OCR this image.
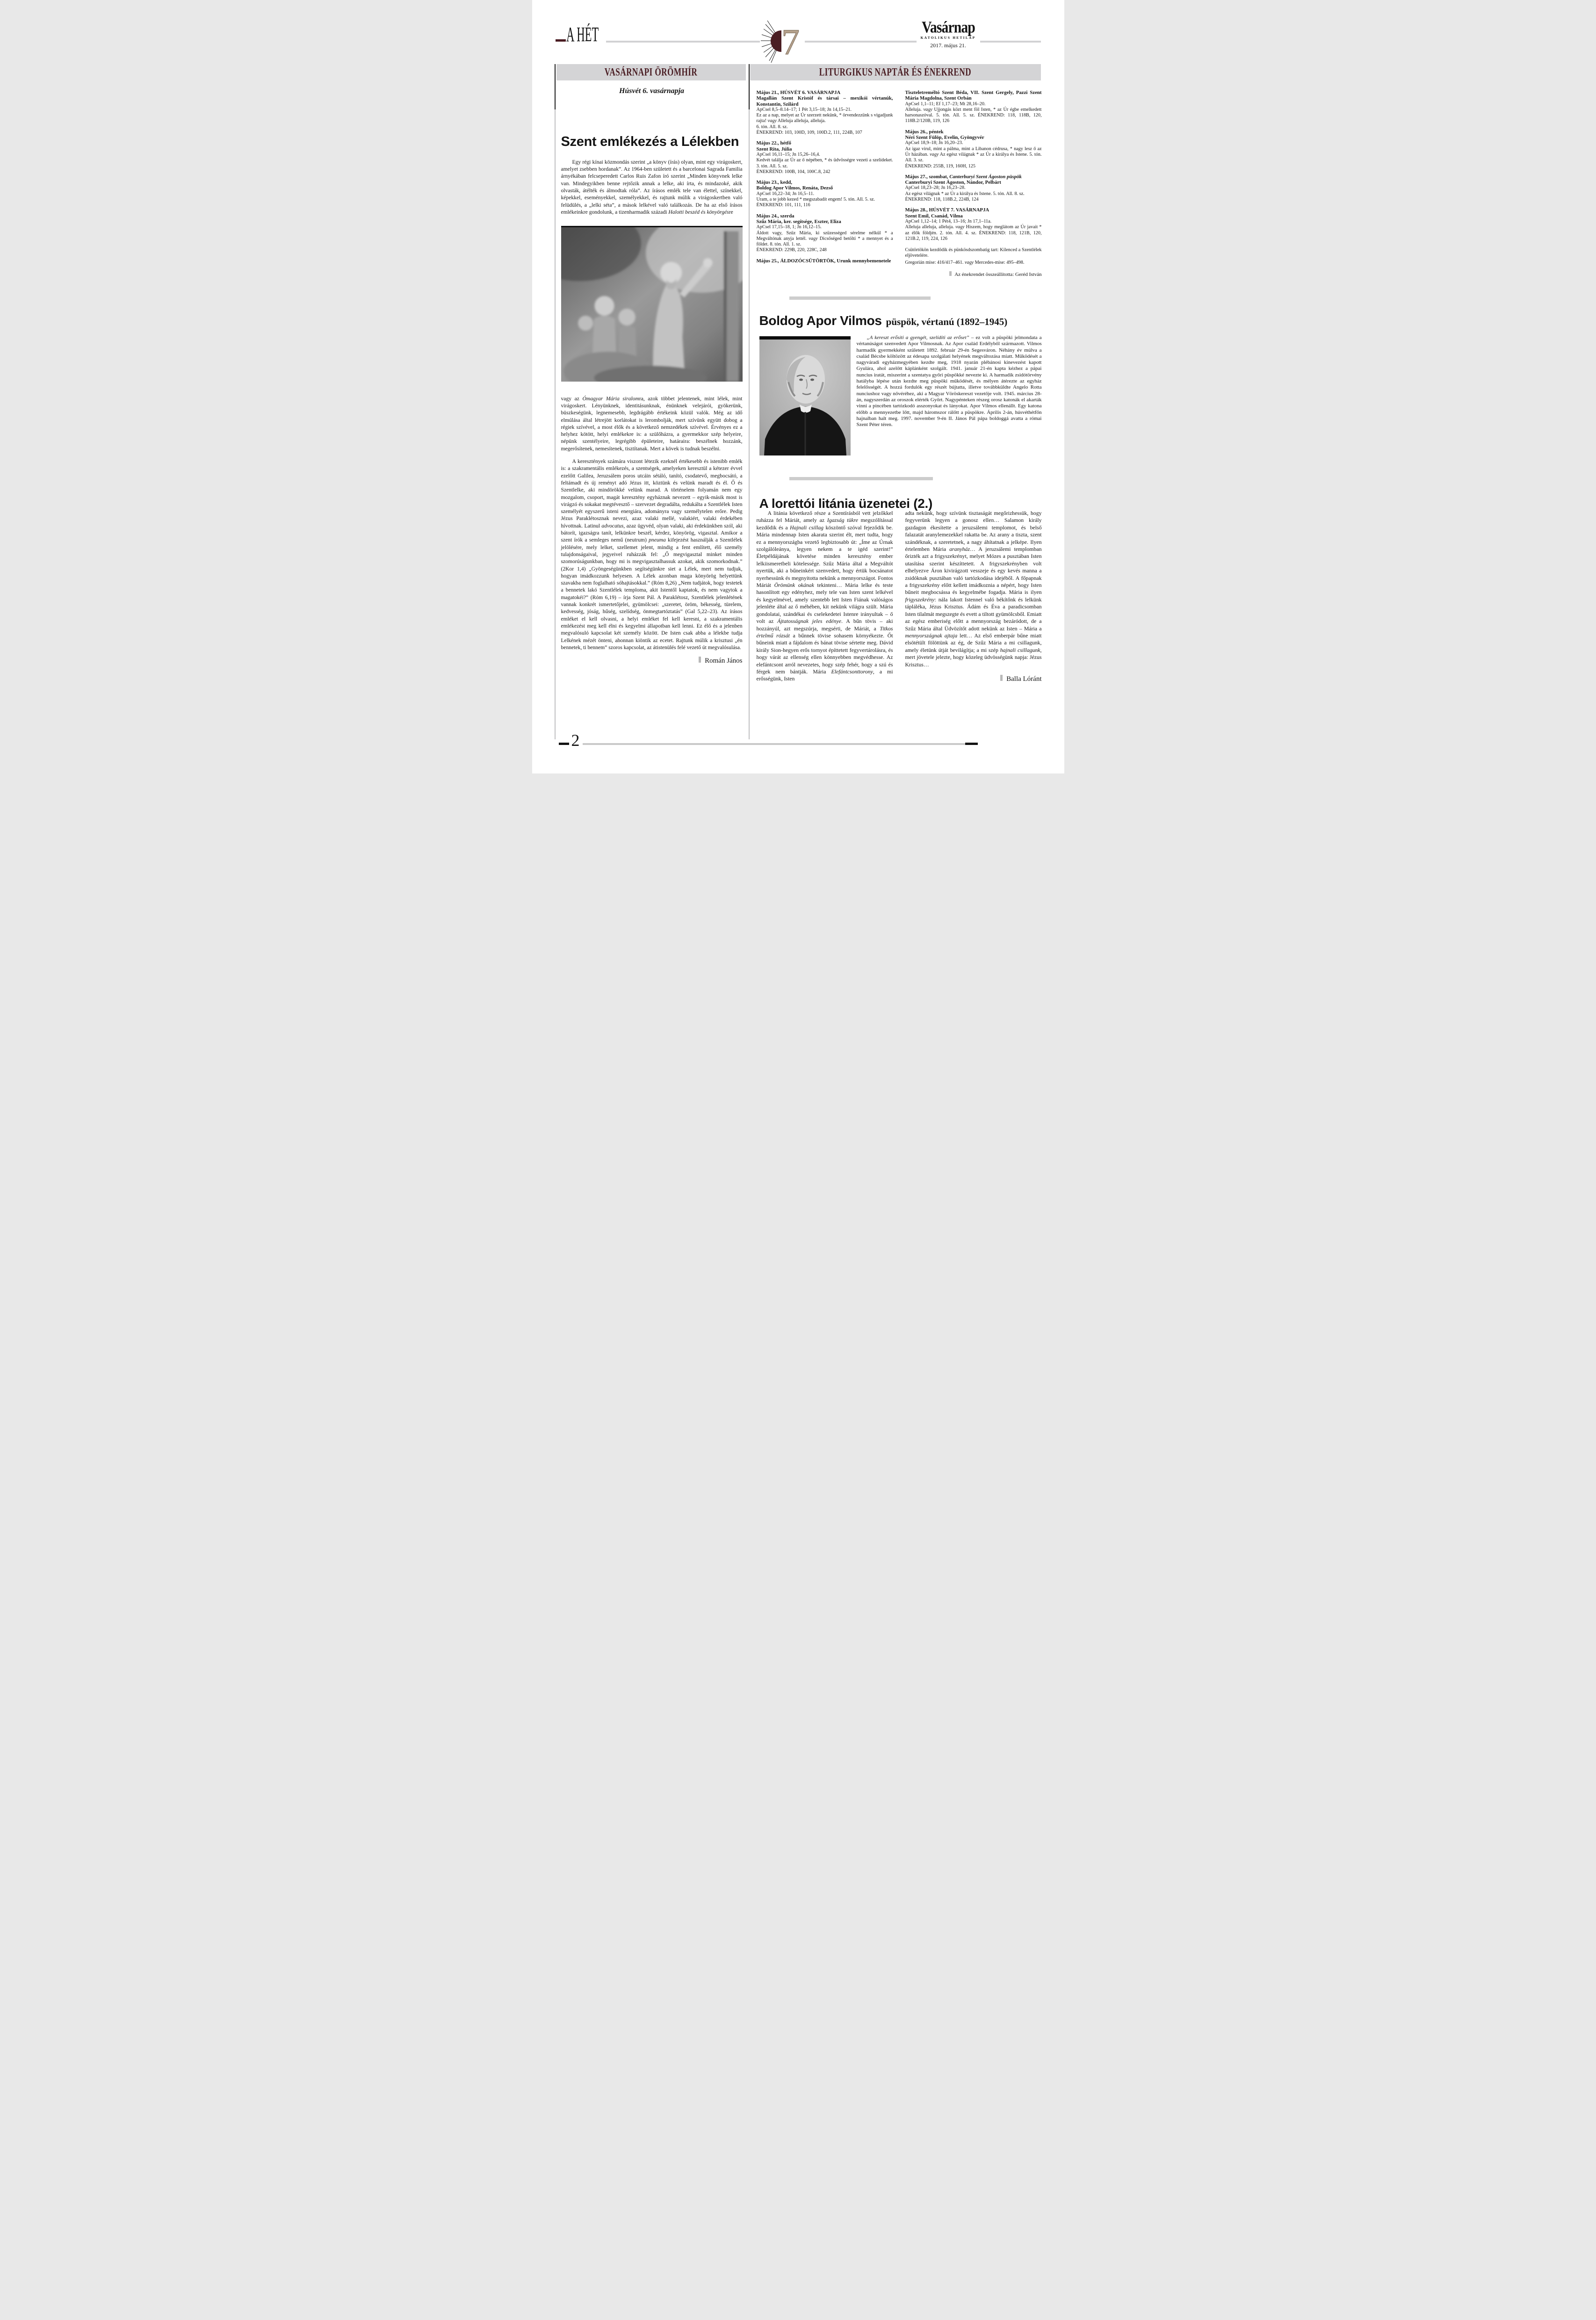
A HÉT	7	Vasárnap
KATOLIKUS HETILAP
2017. május 21.
VASÁRNAPI ÖRÖMHÍR	LITURGIKUS NAPTÁR ÉS ÉNEKREND
Húsvét 6. vasárnapja
Szent emlékezés a Lélekben

Egy régi kínai közmondás szerint „a könyv (írás) olyan, mint egy virágoskert, amelyet zsebben hordanak”. Az 1964-ben született és a barcelonai Sagrada Familia árnyékában felcseperedett Carlos Ruis Zafon író szerint „Minden könyvnek lelke van. Mindegyikben benne rejtőzik annak a lelke, aki írta, és mindazoké, akik olvasták, átélték és álmodtak róla”. Az írásos emlék tele van élettel, színekkel, képekkel, eseményekkel, személyekkel, és rajtunk múlik a virágoskertben való felüdülés, a „lelki séta”, a mások lelkével való találkozás. De ha az első írásos emlékeinkre gondolunk, a tizenharmadik századi Halotti beszéd és könyörgésre

vagy az Ómagyar Mária siralomra, azok többet jelentenek, mint lélek, mint virágoskert. Lényünknek, identitásunknak, énünknek velejárói, gyökerünk, büszkeségünk, legnemesebb, legdrágább értékeink közül valók. Még az idő elmúlása által létrejött korlátokat is lerombolják, mert szívünk együtt dobog a régiek szívével, a most élők és a következő nemzedékek szívével. Érvényes ez a helyhez kötött, helyi emlékekre is: a szülőházra, a gyermekkor szép helyeire, népünk szentélyeire, legrégibb épületeire, határaira: beszélnek hozzánk, megerősítenek, nemesítenek, tisztítanak. Mert a kövek is tudnak beszélni.

A keresztények számára viszont létezik ezeknél értékesebb és istenibb emlék is: a szakramentális emlékezés, a szentségek, amelyeken keresztül a kétezer évvel ezelőtt Galilea, Jeruzsálem poros utcáin sétáló, tanító, csodatevő, megbocsátó, a feltámadt és új reményt adó Jézus itt, köztünk és velünk maradt és él. Ő és Szentlelke, aki mindörökké velünk marad. A történelem folyamán nem egy mozgalom, csoport, magát keresztény egyháznak nevezett – egyik-másik most is virágzó és sokakat megtévesztő – szervezet degradálta, redukálta a Szentlélek Isten személyét egyszerű isteni energiára, adományra vagy személytelen erőre. Pedig Jézus Paraklétosznak nevezi, azaz valaki mellé, valakiért, valaki érdekében hívottnak. Latinul advocatus, azaz ügyvéd, olyan valaki, aki érdekünkben szól, aki bátorít, igazságra tanít, lelkünkre beszél, kérdez, könyörög, vigasztal. Amikor a szent írók a semleges nemű (neutrum) pneuma kifejezést használják a Szentlélek jelölésére, mely lelket, szellemet jelent, mindig a fent említett, élő személy tulajdonságaival, jegyeivel ruházzák fel: „Ő megvigasztal minket minden szomorúságunkban, hogy mi is megvigasztalhassuk azokat, akik szomorkodnak.” (2Kor 1,4) „Gyöngeségünkben segítségünkre siet a Lélek, mert nem tudjuk, hogyan imádkozzunk helyesen. A Lélek azonban maga könyörög helyettünk szavakba nem foglalható sóhajtásokkal.” (Róm 8,26) „Nem tudjátok, hogy testetek a bennetek lakó Szentlélek temploma, akit Istentől kaptatok, és nem vagytok a magatokéi?” (Róm 6,19) – írja Szent Pál. A Paraklétosz, Szentlélek jelenlétének vannak konkrét ismertetőjelei, gyümölcsei: „szeretet, öröm, békesség, türelem, kedvesség, jóság, hűség, szelídség, önmegtartóztatás” (Gal 5,22–23). Az írásos emléket el kell olvasni, a helyi emléket fel kell keresni, a szakramentális emlékezést meg kell élni és kegyelmi állapotban kell lenni. Ez élő és a jelenben megvalósuló kapcsolat két személy között. De Isten csak abba a lélekbe tudja Lelkének mézét önteni, ahonnan kiöntik az ecetet. Rajtunk múlik a krisztusi „én bennetek, ti bennem” szoros kapcsolat, az átistenülés felé vezető út megvalósulása.

Román János

Május 21., HÚSVÉT 6. VASÁRNAPJA

Magallán Szent Kristóf és társai – mexikói vértanúk, Konstantin, Szilárd

ApCsel 8,5–8.14–17; 1 Pét 3,15–18; Jn 14,15–21.

Ez az a nap, melyet az Úr szerzett nekünk, * örvendezzünk s vigadjunk rajta! vagy Alleluja alleluja, alleluja.

6. tón. All. 8. sz.

ÉNEKREND: 103, 100D, 109, 100D.2, 111, 224B, 107

Május 22., hétfő

Szent Rita, Júlia

ApCsel 16,11–15; Jn 15,26–16,4.

Kedvét találja az Úr az ő népében, * és üdvösségre vezeti a szelídeket. 3. tón. All. 5. sz.

ÉNEKREND: 100B, 104, 100C.8, 242

Május 23., kedd,

Boldog Apor Vilmos, Renáta, Dezső

ApCsel 16,22–34; Jn 16,5–11.

Uram, a te jobb kezed * megszabadít engem! 5. tón. All. 5. sz.

ÉNEKREND: 101, 111, 116

Május 24., szerda

Szűz Mária, ker. segítsége, Eszter, Eliza

ApCsel 17,15–18, 1; Jn 16,12–15.

Áldott vagy, Szűz Mária, ki szüzességed sérelme nélkül * a Megváltónak anyja lettél. vagy Dicsőséged betölti * a mennyet és a földet. 8. tón. All. 1. sz.

ÉNEKREND: 229B, 220, 228C, 248

Május 25., ÁLDOZÓCSÜTÖRTÖK, Urunk mennybemenetele

Tiszteletreméltó Szent Béda, VII. Szent Gergely, Pazzi Szent Mária Magdolna, Szent Orbán

ApCsel 1,1–11; Ef 1,17–23; Mt 28,16–20.

Alleluja. vagy Ujjongás közt ment föl Isten, * az Úr égbe emelkedett harsonaszóval. 5. tón. All. 5. sz. ÉNEKREND: 118, 118B, 120, 118B.2/120B, 119, 126

Május 26., péntek

Néri Szent Fülöp, Evelin, Gyöngyvér

ApCsel 18,9–18; Jn 16,20–23.

Az igaz virul, mint a pálma, mint a Libanon cédrusa, * nagy lesz ő az Úr házában. vagy Az egész világnak * az Úr a királya és Istene. 5. tón. All. 3. sz.

ÉNEKREND: 255B, 119, 160H, 125

Május 27., szombat, Canterburyi Szent Ágoston püspök

Canterburyi Szent Ágoston, Nándor, Pelbárt

ApCsel 18,23–28; Jn 16,23–28.

Az egész világnak * az Úr a királya és Istene. 5. tón. All. 8. sz.

ÉNEKREND: 118, 118B.2, 224B, 124

Május 28., HÚSVÉT 7. VASÁRNAPJA

Szent Emil, Csanád, Vilma

ApCsel 1,12–14; 1 Pét4, 13–16; Jn 17,1–11a.

Alleluja alleluja, alleluja. vagy Hiszem, hogy meglátom az Úr javait * az élők földjén. 2. tón. All. 4. sz. ÉNEKREND: 118, 121B, 120, 121B.2, 119, 224, 126

Csütörtökön kezdődik és pünkösdszombatig tart: Kilenced a Szentlélek eljövetelére.

Gregorián mise: 416/417–461. vagy Mercedes-mise: 495–498.

Az énekrendet összeállította: Geréd István
Boldog Apor Vilmos püspök, vértanú (1892–1945)

„A kereszt erősíti a gyengét, szelídíti az erőset” – ez volt a püspöki jelmondata a vértanúságot szenvedett Apor Vilmosnak. Az Apor család Erdélyből származott. Vilmos harmadik gyermekként született 1892. február 29-én Segesváron. Néhány év múlva a család Bécsbe költözött az édesapa szolgálati helyének megváltozása miatt. Működését a nagyváradi egyházmegyében kezdte meg, 1918 nyarán plébánosi kinevezést kapott Gyulára, ahol azelőtt káplánként szolgált. 1941. január 21-én kapta kézhez a pápai nuncius iratát, miszerint a szentatya győri püspökké nevezte ki. A harmadik zsidótörvény hatályba lépése után kezdte meg püspöki működését, és mélyen átérezte az egyház felelősségét. A hozzá fordulók egy részét bújtatta, illetve továbbküldte Angelo Rotta nunciushoz vagy nővéréhez, aki a Magyar Vöröskereszt vezetője volt. 1945. március 28-án, nagyszerdán az oroszok elérték Győrt. Nagypénteken részeg orosz katonák el akarták vinni a pincében tartózkodó asszonyokat és lányokat. Apor Vilmos ellenállt. Egy katona előbb a mennyezetbe lőtt, majd háromszor rálőtt a püspökre. Április 2-án, húsvéthétfőn hajnalban halt meg. 1997. november 9-én II. János Pál pápa boldoggá avatta a római Szent Péter téren.

A lorettói litánia üzenetei (2.)

A litánia következő része a Szentírásból vett jelzőkkel ruházza fel Máriát, amely az Igazság tükre megszólítással kezdődik és a Hajnali csillag köszöntő szóval fejeződik be. Mária mindennap Isten akarata szerint élt, mert tudta, hogy ez a mennyországba vezető legbiztosabb út: „Íme az Úrnak szolgálóleánya, legyen nekem a te igéd szerint!” Életpéldájának követése minden keresztény ember lelkiismeretbeli kötelessége. Szűz Mária által a Megváltót nyertük, aki a bűneinkért szenvedett, hogy értük bocsánatot nyerhessünk és megnyitotta nekünk a mennyországot. Fontos Máriát Örömünk okának tekinteni… Mária lelke és teste hasonlított egy edényhez, mely tele van Isten szent lelkével és kegyelmével, amely szentebb lett Isten Fiának valóságos jelenléte által az ő méhében, kit nekünk világra szült. Mária gondolatai, szándékai és cselekedetei Istenre irányultak – ő volt az Ájtatosságnak jeles edénye. A bűn tövis – aki hozzányúl, azt megszúrja, megsérti, de Máriát, a Titkos értelmű rózsát a bűnnek tövise sohasem környékezte. Őt bűneink miatt a fájdalom és bánat tövise sértette meg. Dávid király Sion-hegyen erős tornyot építtetett fegyvertárolásra, és hogy várát az ellenség ellen könnyebben megvédhesse. Az elefántcsont arról nevezetes, hogy szép fehér, hogy a szú és férgek nem bántják. Mária Elefántcsonttorony, a mi erősségünk, Isten

adta nekünk, hogy szívünk tisztaságát megőrizhessük, hogy fegyverünk legyen a gonosz ellen… Salamon király gazdagon ékesítette a jeruzsálemi templomot, és belső falazatát aranylemezekkel rakatta be. Az arany a tiszta, szent szándéknak, a szeretetnek, a nagy áhítatnak a jelképe. Ilyen értelemben Mária aranyház… A jeruzsálemi templomban őrizték azt a frigyszekrényt, melyet Mózes a pusztában Isten utasítása szerint készíttetett. A frigyszekrényben volt elhelyezve Áron kivirágzott vesszeje és egy kevés manna a zsidóknak pusztában való tartózkodása idejéből. A főpapnak a frigyszekrény előtt kellett imádkoznia a népért, hogy Isten bűneit megbocsássa és kegyelmébe fogadja. Mária is ilyen frigyszekrény: nála lakott Istennel való békítőnk és lelkünk tápláléka, Jézus Krisztus. Ádám és Éva a paradicsomban Isten tilalmát megszegte és evett a tiltott gyümölcsből. Emiatt az egész emberiség előtt a mennyország bezáródott, de a Szűz Mária által Üdvözítőt adott nekünk az Isten – Mária a mennyországnak ajtaja lett… Az első emberpár bűne miatt elsötétült fölöttünk az ég, de Szűz Mária a mi csillagunk, amely életünk útját bevilágítja; a mi szép hajnali csillagunk, mert jövetele jelezte, hogy közeleg üdvösségünk napja: Jézus Krisztus…

Balla Lóránt
2
